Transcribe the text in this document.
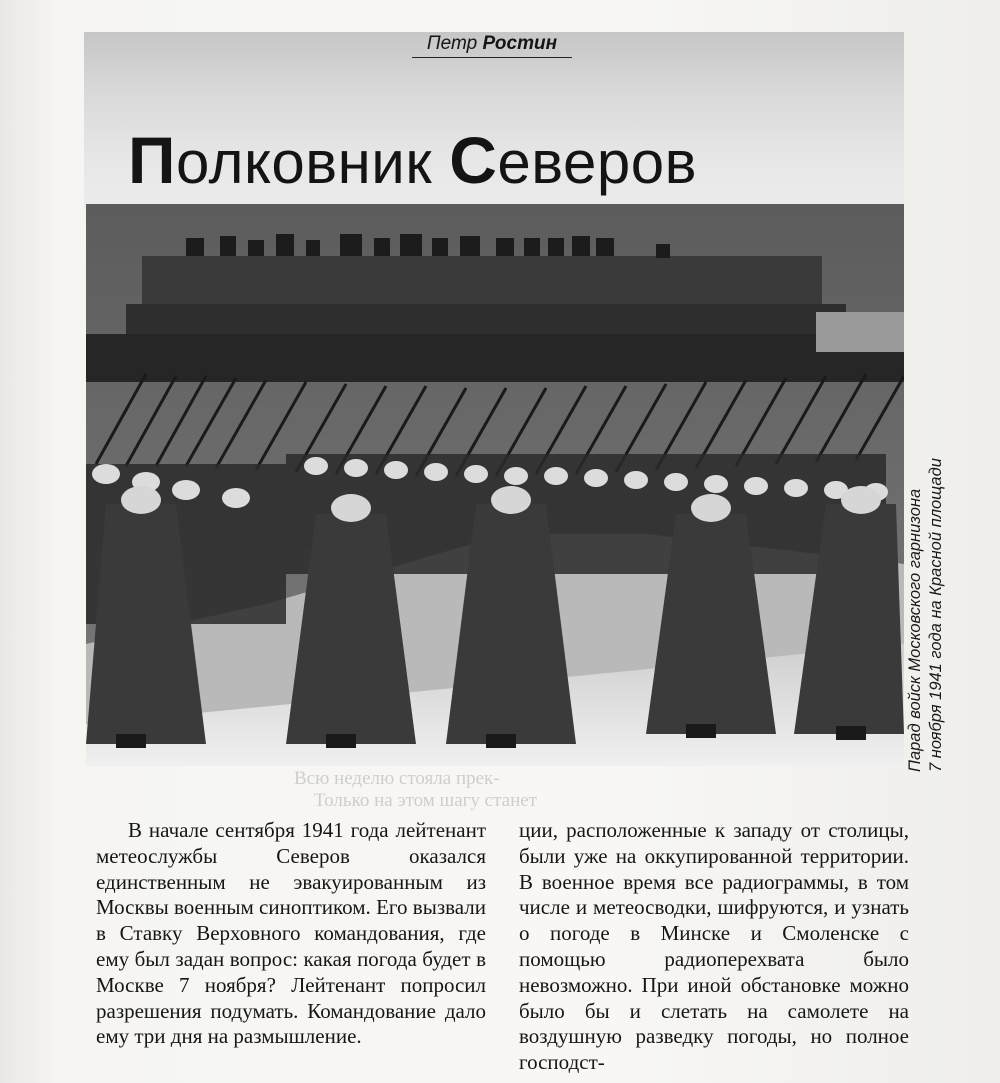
Петр Ростин
Полковник Северов
Парад войск Московского гарнизона 7 ноября 1941 года на Красной площади
Всю неделю стояла прек-
Только на этом шагу станет

В начале сентября 1941 года лейтенант метеослужбы Северов оказался единственным не эвакуированным из Москвы военным синоптиком. Его вызвали в Ставку Верховного командования, где ему был задан вопрос: какая погода будет в Москве 7 ноября? Лейтенант попросил разрешения подумать. Командование дало ему три дня на размышление.

ции, расположенные к западу от столицы, были уже на оккупированной территории. В военное время все радиограммы, в том числе и метеосводки, шифруются, и узнать о погоде в Минске и Смоленске с помощью радиоперехвата было невозможно. При иной обстановке можно было бы и слетать на самолете на воздушную разведку погоды, но полное господст-
